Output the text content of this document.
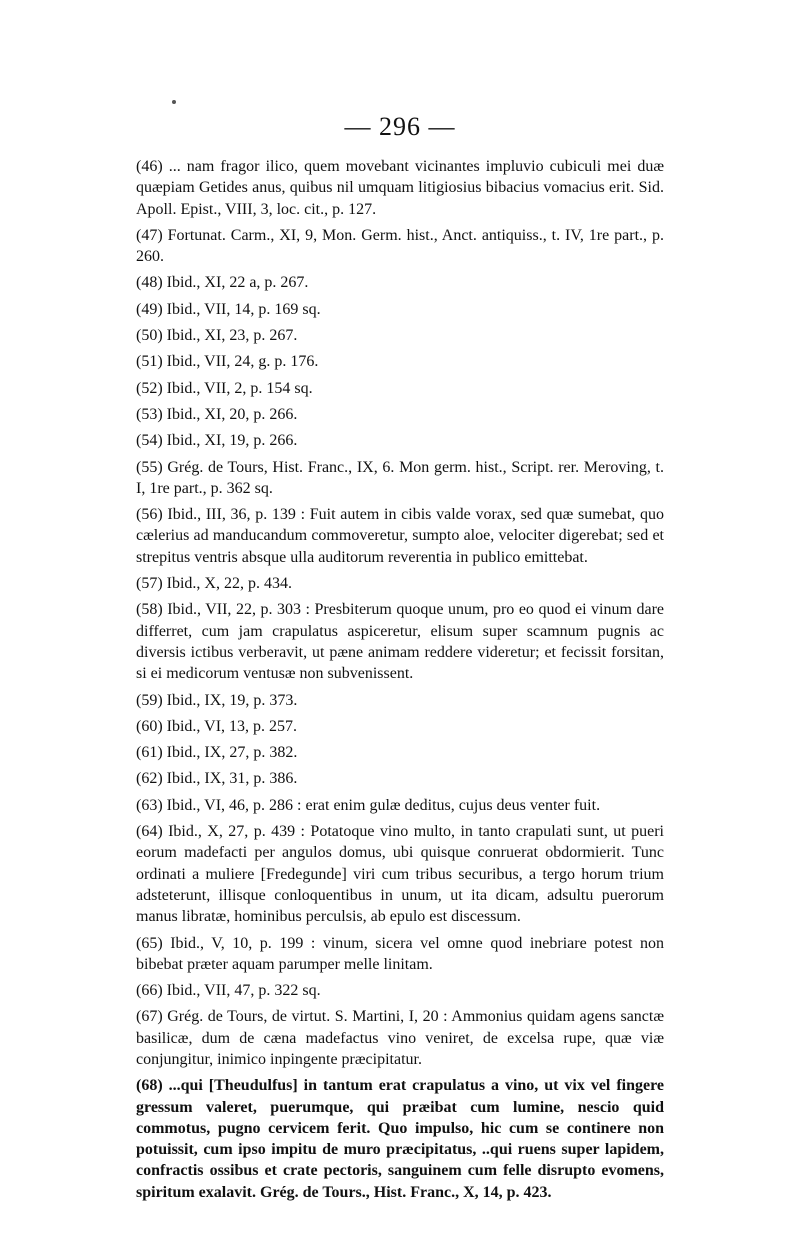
— 296 —

(46) ... nam fragor ilico, quem movebant vicinantes impluvio cubiculi mei duæ quæpiam Getides anus, quibus nil umquam litigiosius bibacius vomacius erit. Sid. Apoll. Epist., VIII, 3, loc. cit., p. 127.

(47) Fortunat. Carm., XI, 9, Mon. Germ. hist., Anct. antiquiss., t. IV, 1re part., p. 260.

(48) Ibid., XI, 22 a, p. 267.

(49) Ibid., VII, 14, p. 169 sq.

(50) Ibid., XI, 23, p. 267.

(51) Ibid., VII, 24, g. p. 176.

(52) Ibid., VII, 2, p. 154 sq.

(53) Ibid., XI, 20, p. 266.

(54) Ibid., XI, 19, p. 266.

(55) Grég. de Tours, Hist. Franc., IX, 6. Mon germ. hist., Script. rer. Meroving, t. I, 1re part., p. 362 sq.

(56) Ibid., III, 36, p. 139 : Fuit autem in cibis valde vorax, sed quæ sumebat, quo cælerius ad manducandum commoveretur, sumpto aloe, velociter digerebat; sed et strepitus ventris absque ulla auditorum reverentia in publico emittebat.

(57) Ibid., X, 22, p. 434.

(58) Ibid., VII, 22, p. 303 : Presbiterum quoque unum, pro eo quod ei vinum dare differret, cum jam crapulatus aspiceretur, elisum super scamnum pugnis ac diversis ictibus verberavit, ut pæne animam reddere videretur; et fecissit forsitan, si ei medicorum ventusæ non subvenissent.

(59) Ibid., IX, 19, p. 373.

(60) Ibid., VI, 13, p. 257.

(61) Ibid., IX, 27, p. 382.

(62) Ibid., IX, 31, p. 386.

(63) Ibid., VI, 46, p. 286 : erat enim gulæ deditus, cujus deus venter fuit.

(64) Ibid., X, 27, p. 439 : Potatoque vino multo, in tanto crapulati sunt, ut pueri eorum madefacti per angulos domus, ubi quisque conruerat obdormierit. Tunc ordinati a muliere [Fredegunde] viri cum tribus securibus, a tergo horum trium adsteterunt, illisque conloquentibus in unum, ut ita dicam, adsultu puerorum manus libratæ, hominibus perculsis, ab epulo est discessum.

(65) Ibid., V, 10, p. 199 : vinum, sicera vel omne quod inebriare potest non bibebat præter aquam parumper melle linitam.

(66) Ibid., VII, 47, p. 322 sq.

(67) Grég. de Tours, de virtut. S. Martini, I, 20 : Ammonius quidam agens sanctæ basilicæ, dum de cæna madefactus vino veniret, de excelsa rupe, quæ viæ conjungitur, inimico inpingente præcipitatur.

(68) ...qui [Theudulfus] in tantum erat crapulatus a vino, ut vix vel fingere gressum valeret, puerumque, qui præibat cum lumine, nescio quid commotus, pugno cervicem ferit. Quo impulso, hic cum se continere non potuissit, cum ipso impitu de muro præcipitatus, ..qui ruens super lapidem, confractis ossibus et crate pectoris, sanguinem cum felle disrupto evomens, spiritum exalavit. Grég. de Tours., Hist. Franc., X, 14, p. 423.
